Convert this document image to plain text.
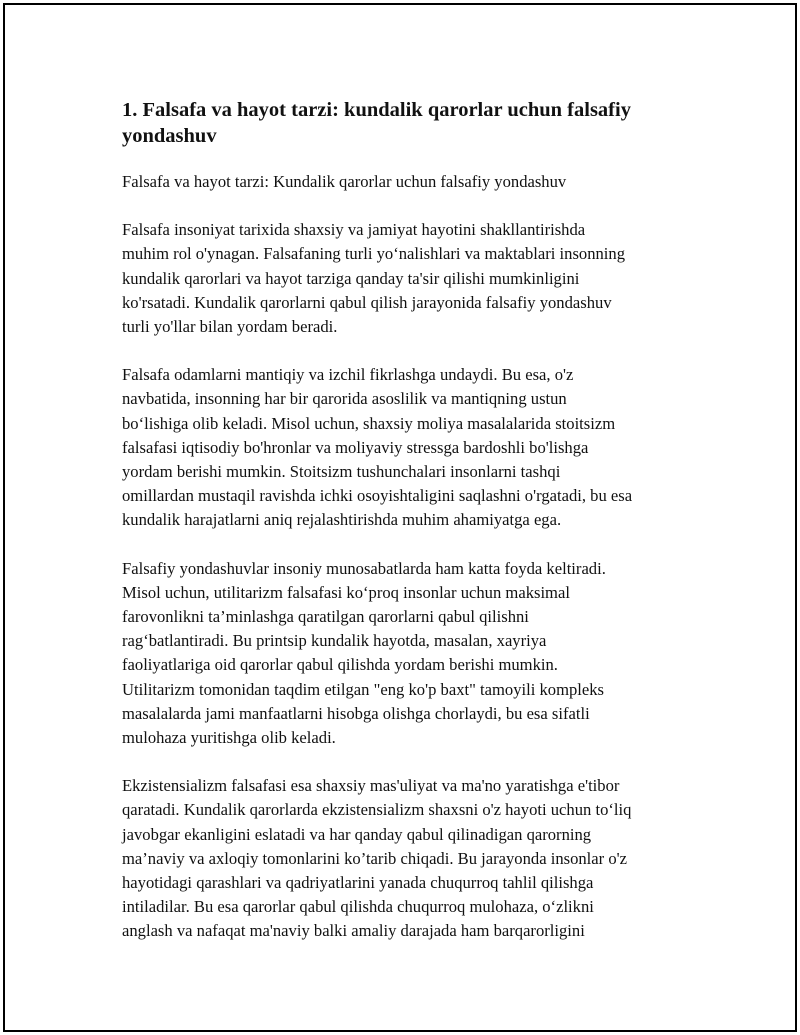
1. Falsafa va hayot tarzi: kundalik qarorlar uchun falsafiy
yondashuv

Falsafa va hayot tarzi: Kundalik qarorlar uchun falsafiy yondashuv

Falsafa insoniyat tarixida shaxsiy va jamiyat hayotini shakllantirishda
muhim rol o'ynagan. Falsafaning turli yo‘nalishlari va maktablari insonning
kundalik qarorlari va hayot tarziga qanday ta'sir qilishi mumkinligini
ko'rsatadi. Kundalik qarorlarni qabul qilish jarayonida falsafiy yondashuv
turli yo'llar bilan yordam beradi.

Falsafa odamlarni mantiqiy va izchil fikrlashga undaydi. Bu esa, o'z
navbatida, insonning har bir qarorida asoslilik va mantiqning ustun
bo‘lishiga olib keladi. Misol uchun, shaxsiy moliya masalalarida stoitsizm
falsafasi iqtisodiy bo'hronlar va moliyaviy stressga bardoshli bo'lishga
yordam berishi mumkin. Stoitsizm tushunchalari insonlarni tashqi
omillardan mustaqil ravishda ichki osoyishtaligini saqlashni o'rgatadi, bu esa
kundalik harajatlarni aniq rejalashtirishda muhim ahamiyatga ega.

Falsafiy yondashuvlar insoniy munosabatlarda ham katta foyda keltiradi.
Misol uchun, utilitarizm falsafasi ko‘proq insonlar uchun maksimal
farovonlikni ta’minlashga qaratilgan qarorlarni qabul qilishni
rag‘batlantiradi. Bu printsip kundalik hayotda, masalan, xayriya
faoliyatlariga oid qarorlar qabul qilishda yordam berishi mumkin.
Utilitarizm tomonidan taqdim etilgan "eng ko'p baxt" tamoyili kompleks
masalalarda jami manfaatlarni hisobga olishga chorlaydi, bu esa sifatli
mulohaza yuritishga olib keladi.

Ekzistensializm falsafasi esa shaxsiy mas'uliyat va ma'no yaratishga e'tibor
qaratadi. Kundalik qarorlarda ekzistensializm shaxsni o'z hayoti uchun to‘liq
javobgar ekanligini eslatadi va har qanday qabul qilinadigan qarorning
ma’naviy va axloqiy tomonlarini ko’tarib chiqadi. Bu jarayonda insonlar o'z
hayotidagi qarashlari va qadriyatlarini yanada chuqurroq tahlil qilishga
intiladilar. Bu esa qarorlar qabul qilishda chuqurroq mulohaza, o‘zlikni
anglash va nafaqat ma'naviy balki amaliy darajada ham barqarorligini
